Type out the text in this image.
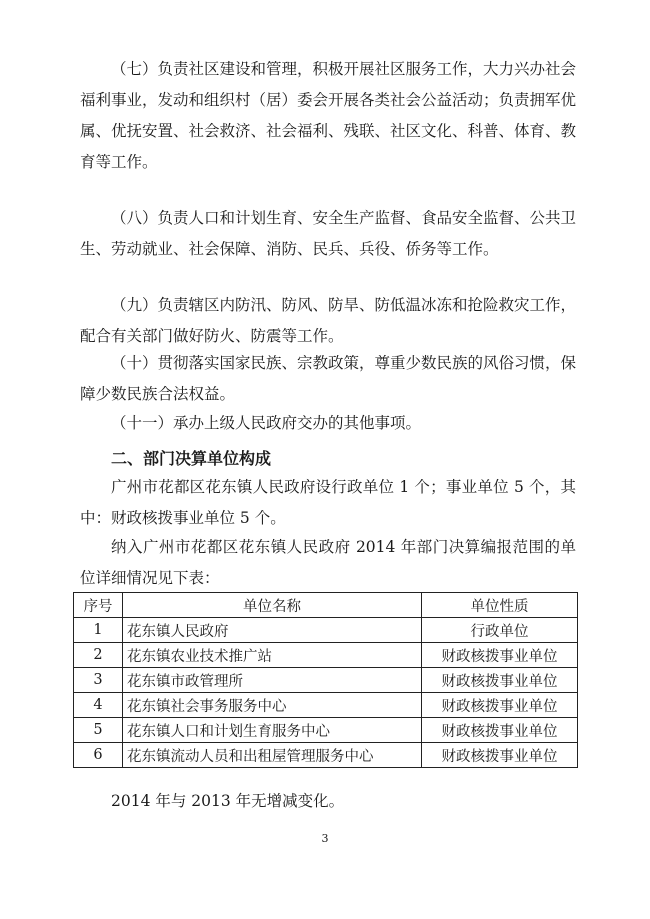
（七）负责社区建设和管理，积极开展社区服务工作，大力兴办社会福利事业，发动和组织村（居）委会开展各类社会公益活动；负责拥军优属、优抚安置、社会救济、社会福利、残联、社区文化、科普、体育、教育等工作。

（八）负责人口和计划生育、安全生产监督、食品安全监督、公共卫生、劳动就业、社会保障、消防、民兵、兵役、侨务等工作。

（九）负责辖区内防汛、防风、防旱、防低温冰冻和抢险救灾工作，配合有关部门做好防火、防震等工作。

（十）贯彻落实国家民族、宗教政策，尊重少数民族的风俗习惯，保障少数民族合法权益。

（十一）承办上级人民政府交办的其他事项。

二、部门决算单位构成

广州市花都区花东镇人民政府设行政单位 1 个；事业单位 5 个，其中：财政核拨事业单位 5 个。

纳入广州市花都区花东镇人民政府 2014 年部门决算编报范围的单位详细情况见下表：

序号	单位名称	单位性质
1	花东镇人民政府	行政单位
2	花东镇农业技术推广站	财政核拨事业单位
3	花东镇市政管理所	财政核拨事业单位
4	花东镇社会事务服务中心	财政核拨事业单位
5	花东镇人口和计划生育服务中心	财政核拨事业单位
6	花东镇流动人员和出租屋管理服务中心	财政核拨事业单位

2014 年与 2013 年无增减变化。

3
